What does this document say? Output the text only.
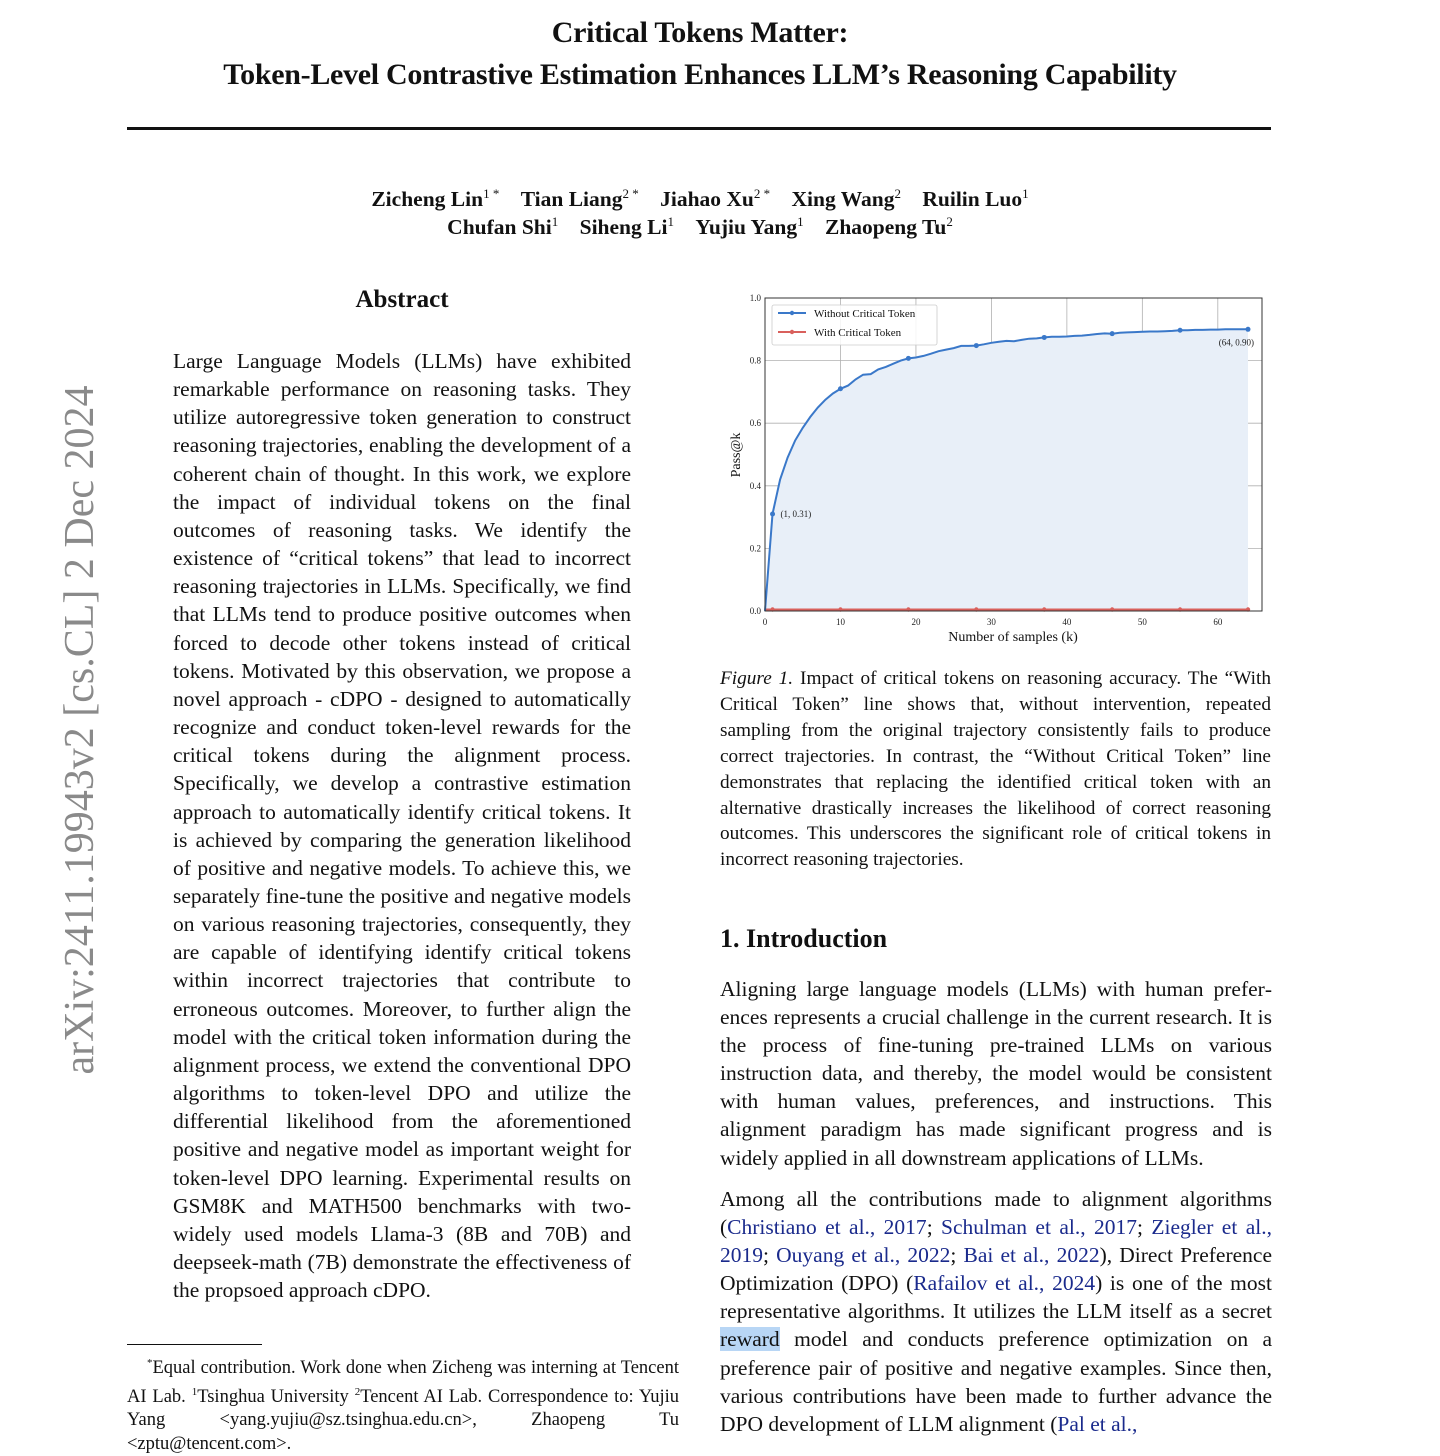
Critical Tokens Matter:
Token-Level Contrastive Estimation Enhances LLM’s Reasoning Capability
Zicheng Lin$^{1 *}$ Tian Liang$^{2 *}$ Jiahao $Xu^{2 *}$ Xing Wang$^2$ Ruilin Luo$^1$
Chufan Shi$^1$ Siheng Li$^1$ Yujiu Yang$^1$ Zhaopeng Tu$^2$
arXiv:2411.19943v2 [cs.CL] 2 Dec 2024
Abstract
Large Language Models (LLMs) have exhibited remarkable performance on reasoning tasks. They utilize autoregressive token generation to construct reasoning trajectories, enabling the development of a coherent chain of thought. In this work, we explore the impact of individual tokens on the final outcomes of reasoning tasks. We identify the existence of “critical tokens” that lead to incorrect reasoning trajectories in LLMs. Specifically, we find that LLMs tend to produce positive outcomes when forced to decode other tokens instead of critical tokens. Motivated by this observation, we propose a novel approach - cDPO - designed to automatically recognize and conduct token-level rewards for the critical tokens during the alignment process. Specifically, we develop a contrastive estimation approach to automatically identify critical tokens. It is achieved by comparing the generation likelihood of positive and negative models. To achieve this, we separately fine-tune the positive and negative models on various reasoning trajectories, consequently, they are capable of identifying identify critical tokens within incorrect trajectories that contribute to erroneous outcomes. Moreover, to further align the model with the critical token information during the alignment process, we extend the conventional DPO algorithms to token-level DPO and utilize the differential likelihood from the aforementioned positive and negative model as important weight for token-level DPO learning. Experimental results on GSM8K and MATH500 benchmarks with two-widely used models Llama-3 (8B and 70B) and deepseek-math (7B) demonstrate the effectiveness of the propsoed approach cDPO.
*Equal contribution. Work done when Zicheng was interning at Tencent AI Lab. $^1$Tsinghua University $^2$Tencent AI Lab. Correspondence to: Yujiu Yang <yang.yujiu@sz.tsinghua.edu.cn>, Zhaopeng Tu <zptu@tencent.com>.
0	10	20	30	40	50	60
0.0
0.2
0.4
0.6
0.8
1.0
Number of samples (k)
Pass@k
(1, 0.31)
(64, 0.90)
Without Critical Token
With Critical Token
Figure 1. Impact of critical tokens on reasoning accuracy. The “With Critical Token” line shows that, without intervention, repeated sampling from the original trajectory consistently fails to produce correct trajectories. In contrast, the “Without Critical Token” line demonstrates that replacing the identified critical token with an alternative drastically increases the likelihood of correct reasoning outcomes. This underscores the significant role of critical tokens in incorrect reasoning trajectories.
1. Introduction
Aligning large language models (LLMs) with human preferences represents a crucial challenge in the current research. It is the process of fine-tuning pre-trained LLMs on various instruction data, and thereby, the model would be consistent with human values, preferences, and instructions. This alignment paradigm has made significant progress and is widely applied in all downstream applications of LLMs.
Among all the contributions made to alignment algorithms (Christiano et al., 2017; Schulman et al., 2017; Ziegler et al., 2019; Ouyang et al., 2022; Bai et al., 2022), Direct Preference Optimization (DPO) (Rafailov et al., 2024) is one of the most representative algorithms. It utilizes the LLM itself as a secret reward model and conducts preference optimization on a preference pair of positive and negative examples. Since then, various contributions have been made to further advance the DPO development of LLM alignment (Pal et al.,
